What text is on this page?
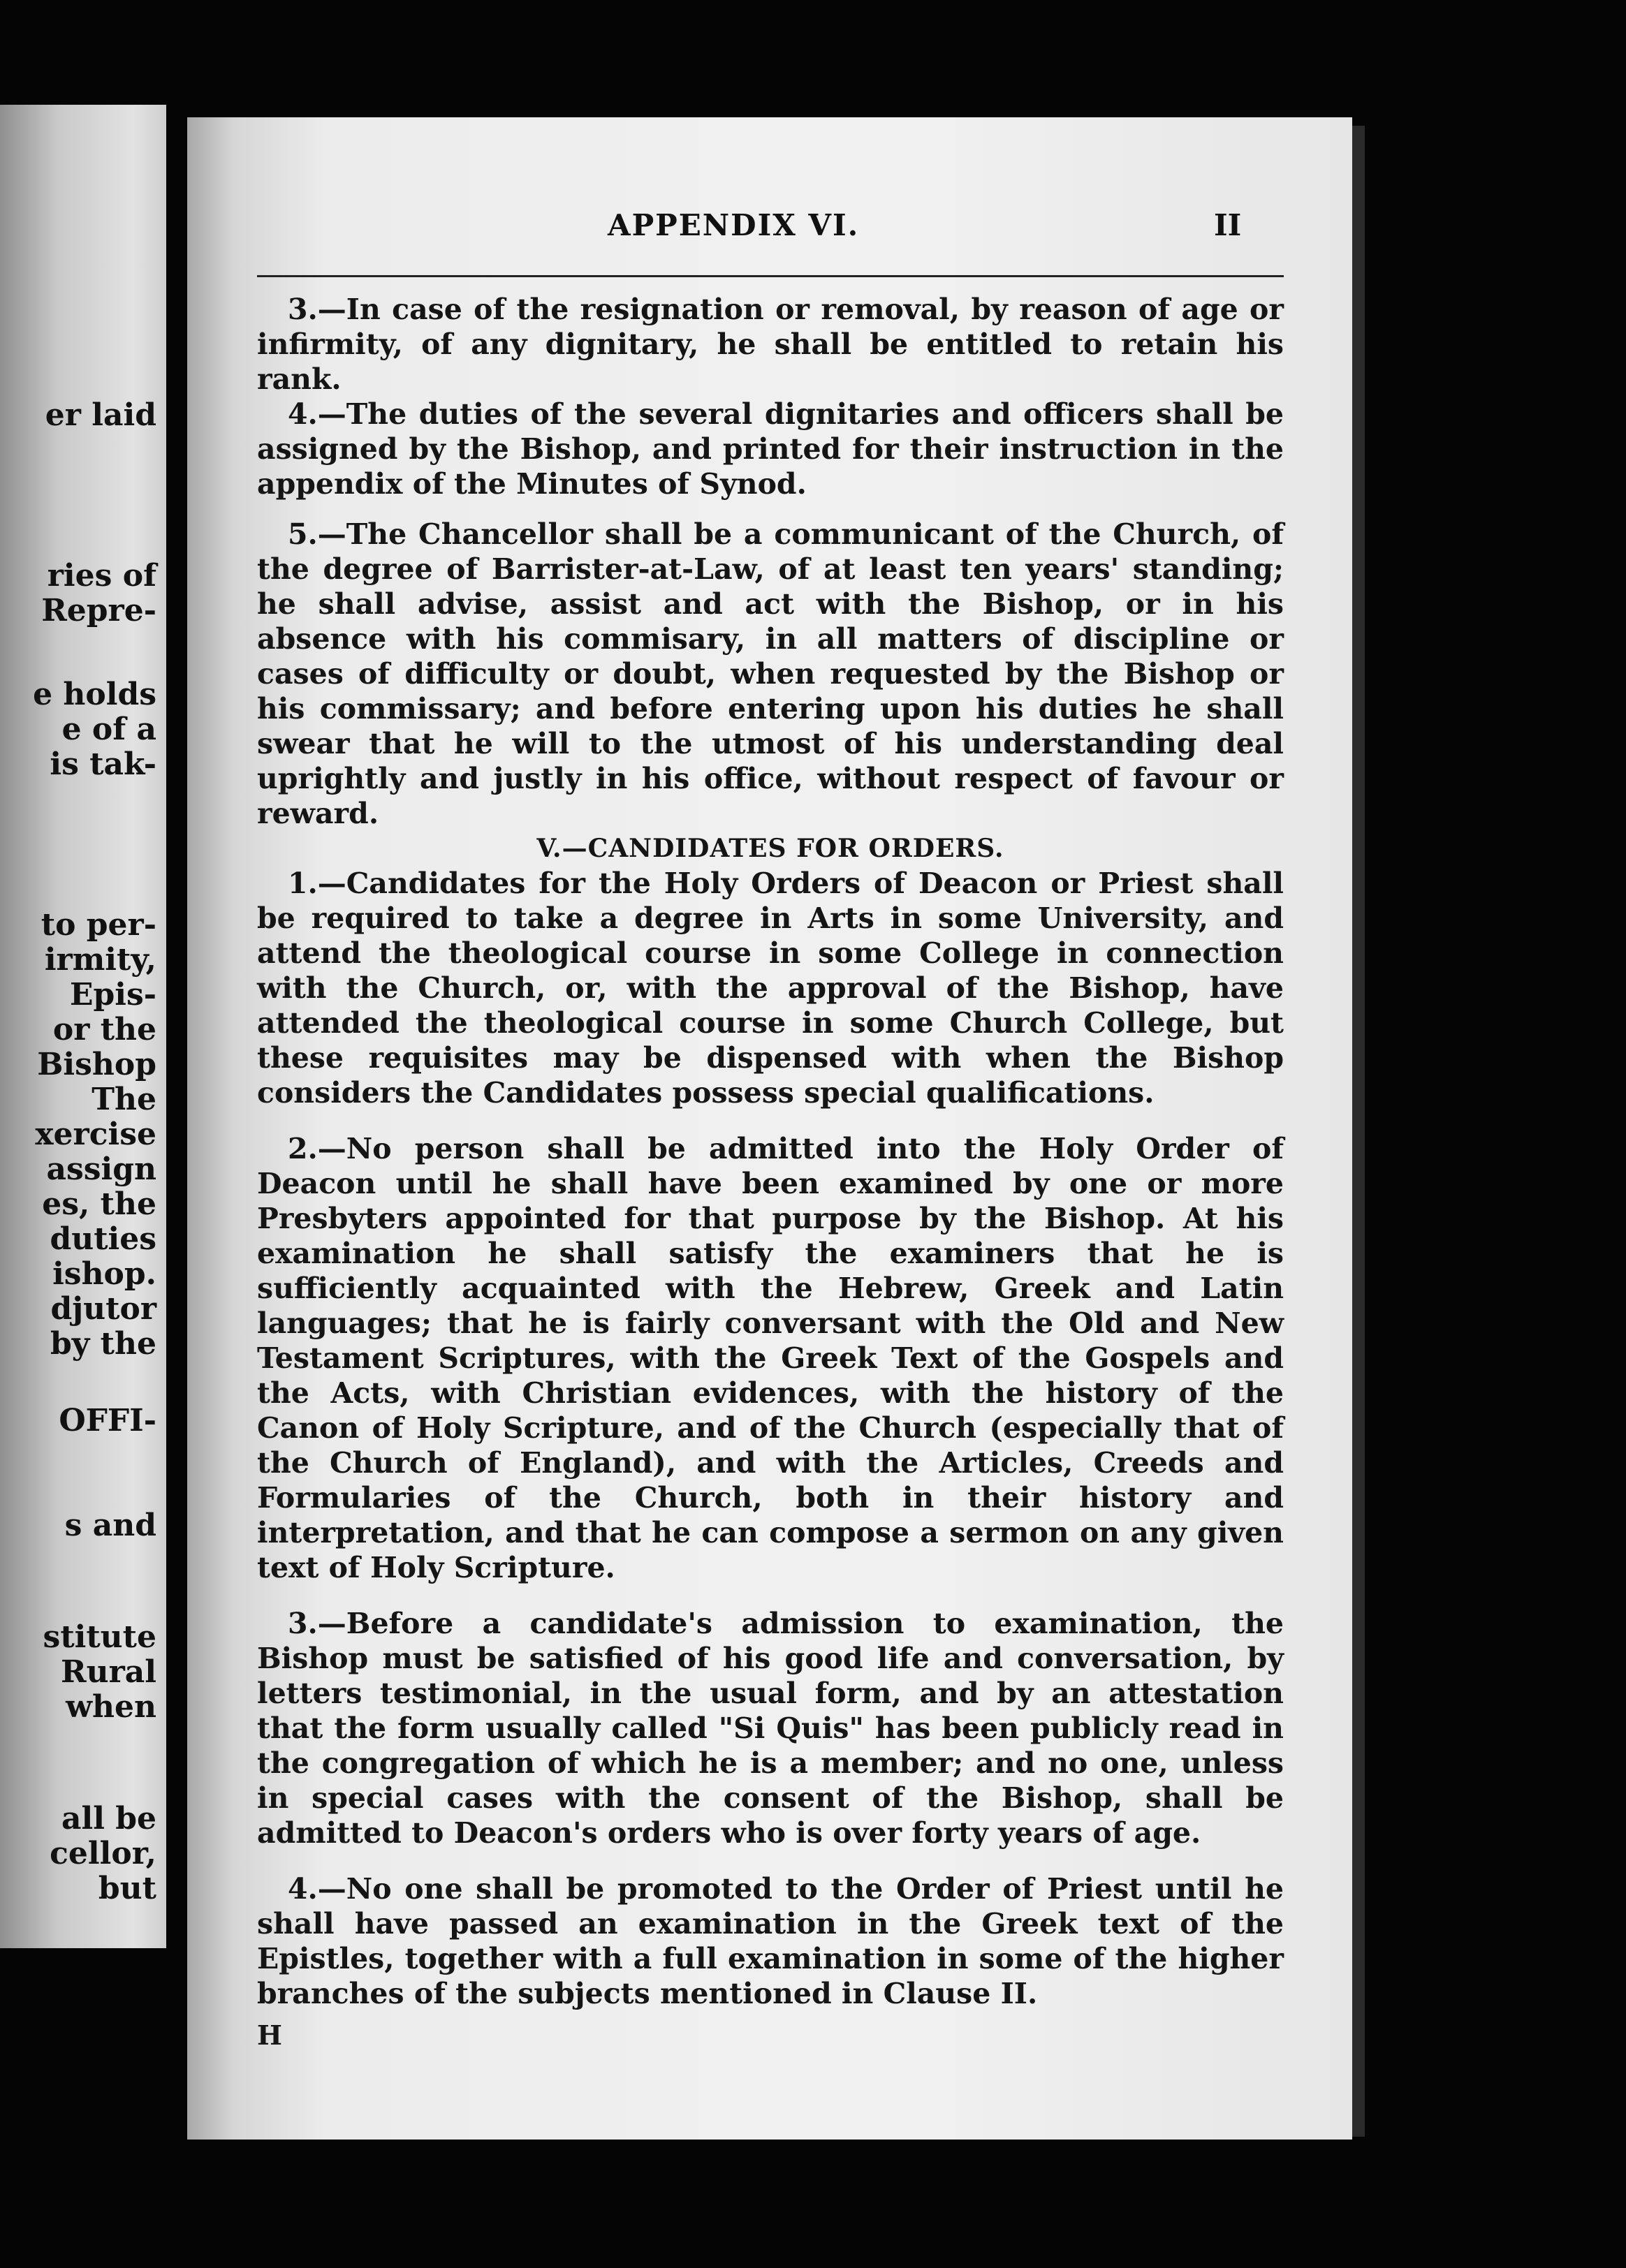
er laid
ries of
Repre-
e holds
e of a
is tak-
to per-
irmity,
Epis-
or the
Bishop
The
xercise
assign
es, the
duties
ishop.
djutor
by the
OFFI-
s and
stitute
Rural
when
all be
cellor,
but
APPENDIX VI.	II

3.—In case of the resignation or removal, by reason of age or infirmity, of any dignitary, he shall be entitled to retain his rank.

4.—The duties of the several dignitaries and officers shall be assigned by the Bishop, and printed for their instruction in the appendix of the Minutes of Synod.

5.—The Chancellor shall be a communicant of the Church, of the degree of Barrister-at-Law, of at least ten years' standing; he shall advise, assist and act with the Bishop, or in his absence with his commisary, in all matters of discipline or cases of difficulty or doubt, when requested by the Bishop or his commissary; and before entering upon his duties he shall swear that he will to the utmost of his understanding deal uprightly and justly in his office, without respect of favour or reward.

V.—CANDIDATES FOR ORDERS.

1.—Candidates for the Holy Orders of Deacon or Priest shall be required to take a degree in Arts in some University, and attend the theological course in some College in connection with the Church, or, with the approval of the Bishop, have attended the theological course in some Church College, but these requisites may be dispensed with when the Bishop considers the Candidates possess special qualifications.

2.—No person shall be admitted into the Holy Order of Deacon until he shall have been examined by one or more Presbyters appointed for that purpose by the Bishop. At his examination he shall satisfy the examiners that he is sufficiently acquainted with the Hebrew, Greek and Latin languages; that he is fairly conversant with the Old and New Testament Scriptures, with the Greek Text of the Gospels and the Acts, with Christian evidences, with the history of the Canon of Holy Scripture, and of the Church (especially that of the Church of England), and with the Articles, Creeds and Formularies of the Church, both in their history and interpretation, and that he can compose a sermon on any given text of Holy Scripture.

3.—Before a candidate's admission to examination, the Bishop must be satisfied of his good life and conversation, by letters testimonial, in the usual form, and by an attestation that the form usually called "Si Quis" has been publicly read in the congregation of which he is a member; and no one, unless in special cases with the consent of the Bishop, shall be admitted to Deacon's orders who is over forty years of age.

4.—No one shall be promoted to the Order of Priest until he shall have passed an examination in the Greek text of the Epistles, together with a full examination in some of the higher branches of the subjects mentioned in Clause II.

H
